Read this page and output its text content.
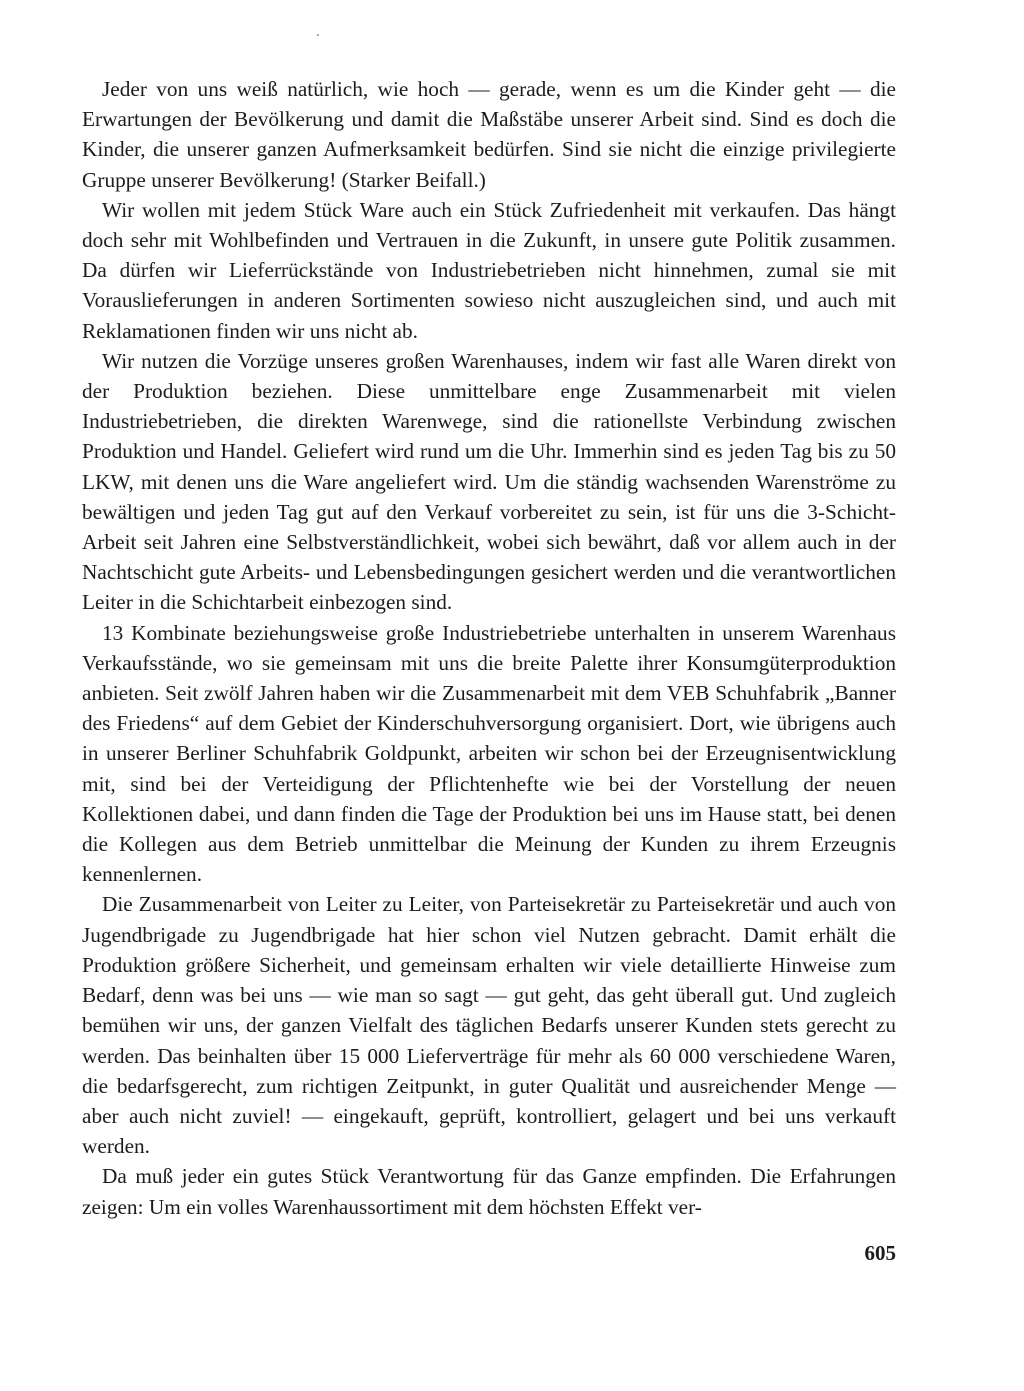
Jeder von uns weiß natürlich, wie hoch — gerade, wenn es um die Kinder geht — die Erwartungen der Bevölkerung und damit die Maßstäbe unserer Arbeit sind. Sind es doch die Kinder, die unserer ganzen Aufmerksamkeit bedürfen. Sind sie nicht die einzige privilegierte Gruppe unserer Bevölkerung! (Starker Beifall.)

Wir wollen mit jedem Stück Ware auch ein Stück Zufriedenheit mit verkaufen. Das hängt doch sehr mit Wohlbefinden und Vertrauen in die Zukunft, in unsere gute Politik zusammen. Da dürfen wir Lieferrückstände von Industriebetrieben nicht hinnehmen, zumal sie mit Vorauslieferungen in anderen Sortimenten sowieso nicht auszugleichen sind, und auch mit Reklamationen finden wir uns nicht ab.

Wir nutzen die Vorzüge unseres großen Warenhauses, indem wir fast alle Waren direkt von der Produktion beziehen. Diese unmittelbare enge Zusammenarbeit mit vielen Industriebetrieben, die direkten Warenwege, sind die rationellste Verbindung zwischen Produktion und Handel. Geliefert wird rund um die Uhr. Immerhin sind es jeden Tag bis zu 50 LKW, mit denen uns die Ware angeliefert wird. Um die ständig wachsenden Warenströme zu bewältigen und jeden Tag gut auf den Verkauf vorbereitet zu sein, ist für uns die 3-Schicht-Arbeit seit Jahren eine Selbstverständlichkeit, wobei sich bewährt, daß vor allem auch in der Nachtschicht gute Arbeits- und Lebensbedingungen gesichert werden und die verantwortlichen Leiter in die Schichtarbeit einbezogen sind.

13 Kombinate beziehungsweise große Industriebetriebe unterhalten in unserem Warenhaus Verkaufsstände, wo sie gemeinsam mit uns die breite Palette ihrer Konsumgüterproduktion anbieten. Seit zwölf Jahren haben wir die Zusammenarbeit mit dem VEB Schuhfabrik „Banner des Friedens“ auf dem Gebiet der Kinderschuhversorgung organisiert. Dort, wie übrigens auch in unserer Berliner Schuhfabrik Goldpunkt, arbeiten wir schon bei der Erzeugnisentwicklung mit, sind bei der Verteidigung der Pflichtenhefte wie bei der Vorstellung der neuen Kollektionen dabei, und dann finden die Tage der Produktion bei uns im Hause statt, bei denen die Kollegen aus dem Betrieb unmittelbar die Meinung der Kunden zu ihrem Erzeugnis kennenlernen.

Die Zusammenarbeit von Leiter zu Leiter, von Parteisekretär zu Parteisekretär und auch von Jugendbrigade zu Jugendbrigade hat hier schon viel Nutzen gebracht. Damit erhält die Produktion größere Sicherheit, und gemeinsam erhalten wir viele detaillierte Hinweise zum Bedarf, denn was bei uns — wie man so sagt — gut geht, das geht überall gut. Und zugleich bemühen wir uns, der ganzen Vielfalt des täglichen Bedarfs unserer Kunden stets gerecht zu werden. Das beinhalten über 15 000 Lieferverträge für mehr als 60 000 verschiedene Waren, die bedarfsgerecht, zum richtigen Zeitpunkt, in guter Qualität und ausreichender Menge — aber auch nicht zuviel! — eingekauft, geprüft, kontrolliert, gelagert und bei uns verkauft werden.

Da muß jeder ein gutes Stück Verantwortung für das Ganze empfinden. Die Erfahrungen zeigen: Um ein volles Warenhaussortiment mit dem höchsten Effekt ver-

605
